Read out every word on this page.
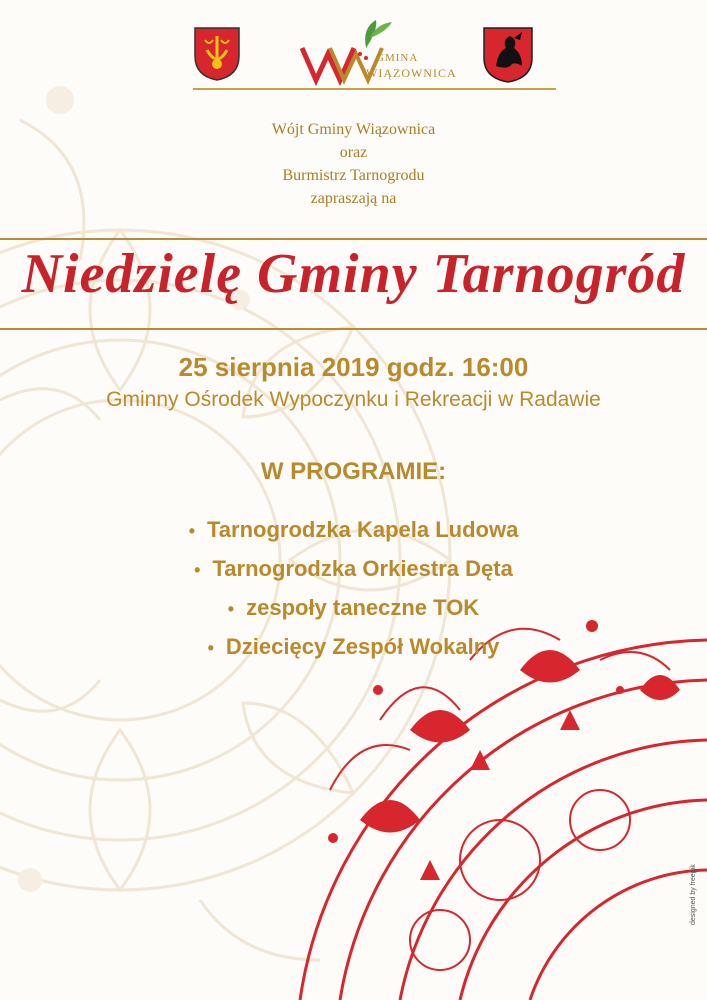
GMINA
WIĄZOWNICA
Wójt Gminy Wiązownica
oraz
Burmistrz Tarnogrodu
zapraszają na
Niedzielę Gminy Tarnogród
25 sierpnia 2019 godz. 16:00
Gminny Ośrodek Wypoczynku i Rekreacji w Radawie
W PROGRAMIE:
• Tarnogrodzka Kapela Ludowa
• Tarnogrodzka Orkiestra Dęta
• zespoły taneczne TOK
• Dziecięcy Zespół Wokalny
designed by freepik
